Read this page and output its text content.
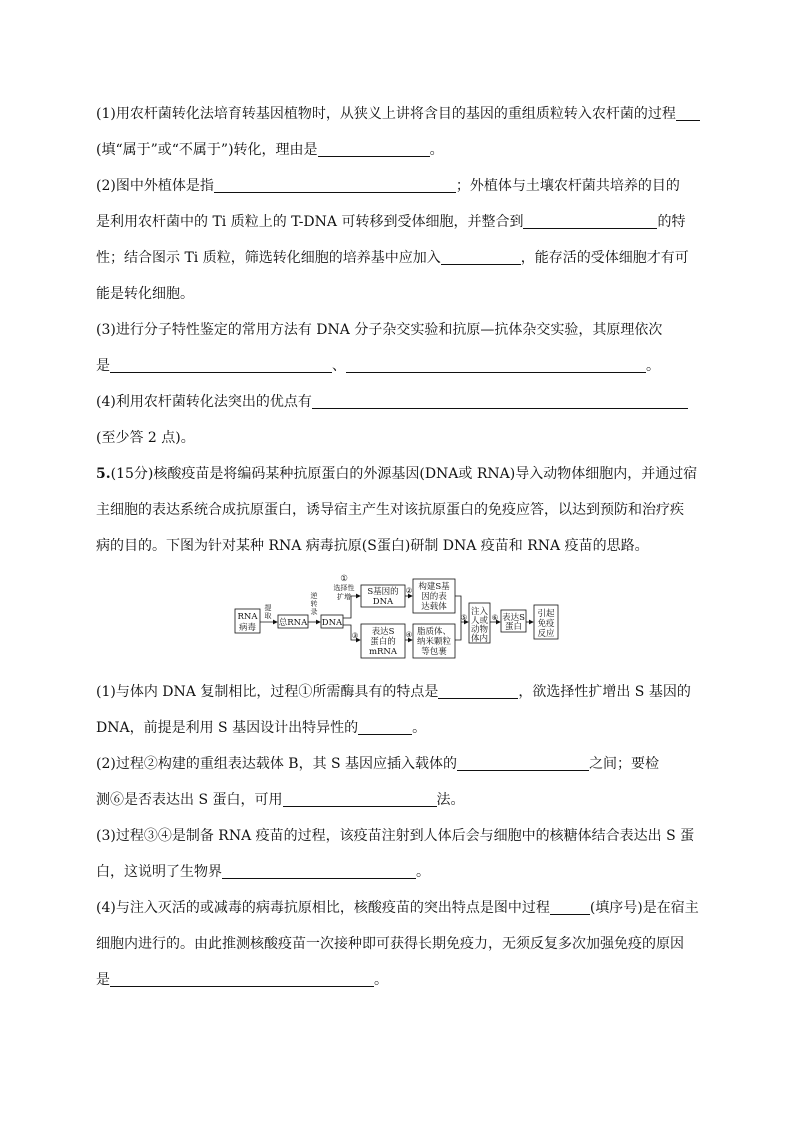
(1)用农杆菌转化法培育转基因植物时，从狭义上讲将含目的基因的重组质粒转入农杆菌的过程
(填“属于”或“不属于”)转化，理由是	。
(2)图中外植体是指	；外植体与土壤农杆菌共培养的目的
是利用农杆菌中的 Ti 质粒上的 T-DNA 可转移到受体细胞，并整合到	的特
性；结合图示 Ti 质粒，筛选转化细胞的培养基中应加入	，能存活的受体细胞才有可
能是转化细胞。
(3)进行分子特性鉴定的常用方法有 DNA 分子杂交实验和抗原—抗体杂交实验，其原理依次
是	、	。
(4)利用农杆菌转化法突出的优点有
(至少答 2 点)。
5.(15分)核酸疫苗是将编码某种抗原蛋白的外源基因(DNA或 RNA)导入动物体细胞内，并通过宿
主细胞的表达系统合成抗原蛋白，诱导宿主产生对该抗原蛋白的免疫应答，以达到预防和治疗疾
病的目的。下图为针对某种 RNA 病毒抗原(S蛋白)研制 DNA 疫苗和 RNA 疫苗的思路。
RNA
病毒
提
取
总RNA
逆
转
录
DNA
①
选择性
扩增 S基因的
DNA
② 构建S基
因的表
达载体
③ 表达S
蛋白的
mRNA
④ 脂质体、
纳米颗粒
等包裹
⑤
注入
人或
动物
体内
⑥ 表达S
蛋白
引起
免疫
反应
(1)与体内 DNA 复制相比，过程①所需酶具有的特点是	，欲选择性扩增出 S 基因的
DNA，前提是利用 S 基因设计出特异性的	。
(2)过程②构建的重组表达载体 B，其 S 基因应插入载体的	之间；要检
测⑥是否表达出 S 蛋白，可用	法。
(3)过程③④是制备 RNA 疫苗的过程，该疫苗注射到人体后会与细胞中的核糖体结合表达出 S 蛋
白，这说明了生物界	。
(4)与注入灭活的或减毒的病毒抗原相比，核酸疫苗的突出特点是图中过程	(填序号)是在宿主
细胞内进行的。由此推测核酸疫苗一次接种即可获得长期免疫力，无须反复多次加强免疫的原因
是	。
